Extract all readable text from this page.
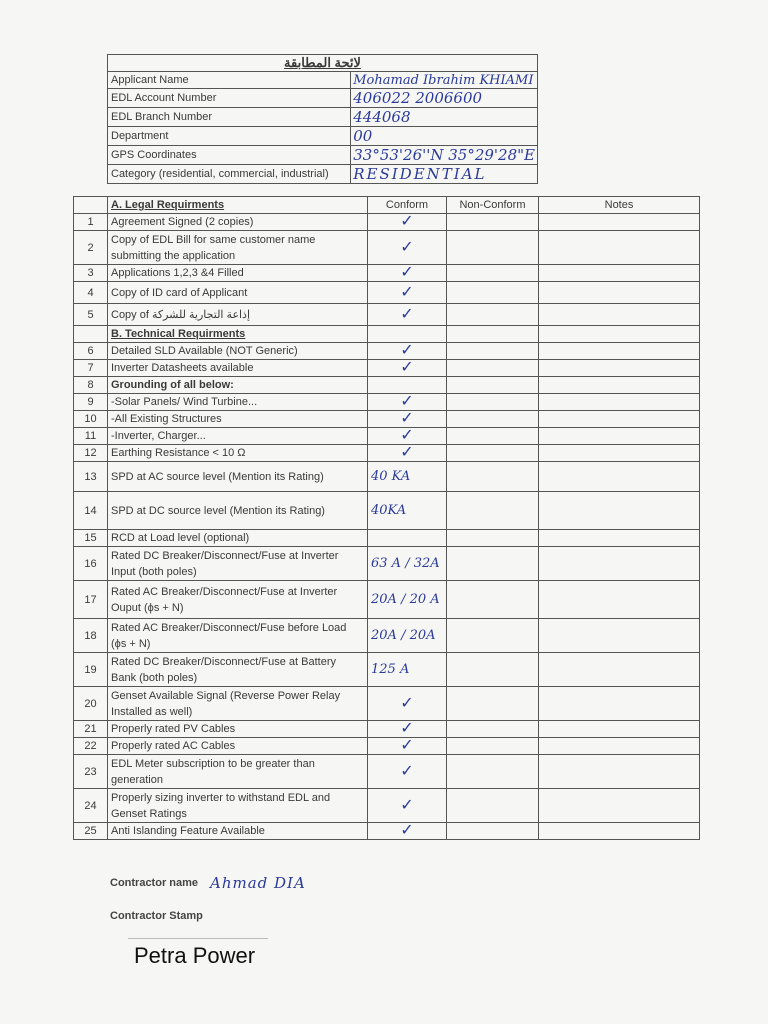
لائحة المطابقة	
Applicant Name	Mohamad Ibrahim KHIAMI
EDL Account Number	406022 2006600
EDL Branch Number	444068
Department	00
GPS Coordinates	33°53'26''N 35°29'28"E
Category (residential, commercial, industrial)	RESIDENTIAL
	A. Legal Requirments	Conform	Non-Conform	Notes
1	Agreement Signed (2 copies)	✓		
2	Copy of EDL Bill for same customer name submitting the application	✓		
3	Applications 1,2,3 &4 Filled	✓		
4	Copy of ID card of Applicant	✓		
5	Copy of إذاعة التجارية للشركة	✓		
	B. Technical Requirments			
6	Detailed SLD Available (NOT Generic)	✓		
7	Inverter Datasheets available	✓		
8	Grounding of all below:			
9	-Solar Panels/ Wind Turbine...	✓		
10	-All Existing Structures	✓		
11	-Inverter, Charger...	✓		
12	Earthing Resistance < 10 Ω	✓		
13	SPD at AC source level (Mention its Rating)	40 KA		
14	SPD at DC source level (Mention its Rating)	40KA		
15	RCD at Load level (optional)			
16	Rated DC Breaker/Disconnect/Fuse at Inverter Input (both poles)	63 A / 32A		
17	Rated AC Breaker/Disconnect/Fuse at Inverter Ouput (ϕs + N)	20A / 20 A		
18	Rated AC Breaker/Disconnect/Fuse before Load (ϕs + N)	20A / 20A		
19	Rated DC Breaker/Disconnect/Fuse at Battery Bank (both poles)	125 A		
20	Genset Available Signal (Reverse Power Relay Installed as well)	✓		
21	Properly rated PV Cables	✓		
22	Properly rated AC Cables	✓		
23	EDL Meter subscription to be greater than generation	✓		
24	Properly sizing inverter to withstand EDL and Genset Ratings	✓		
25	Anti Islanding Feature Available	✓		
Contractor name Ahmad DIA
Contractor Stamp
Petra Power
